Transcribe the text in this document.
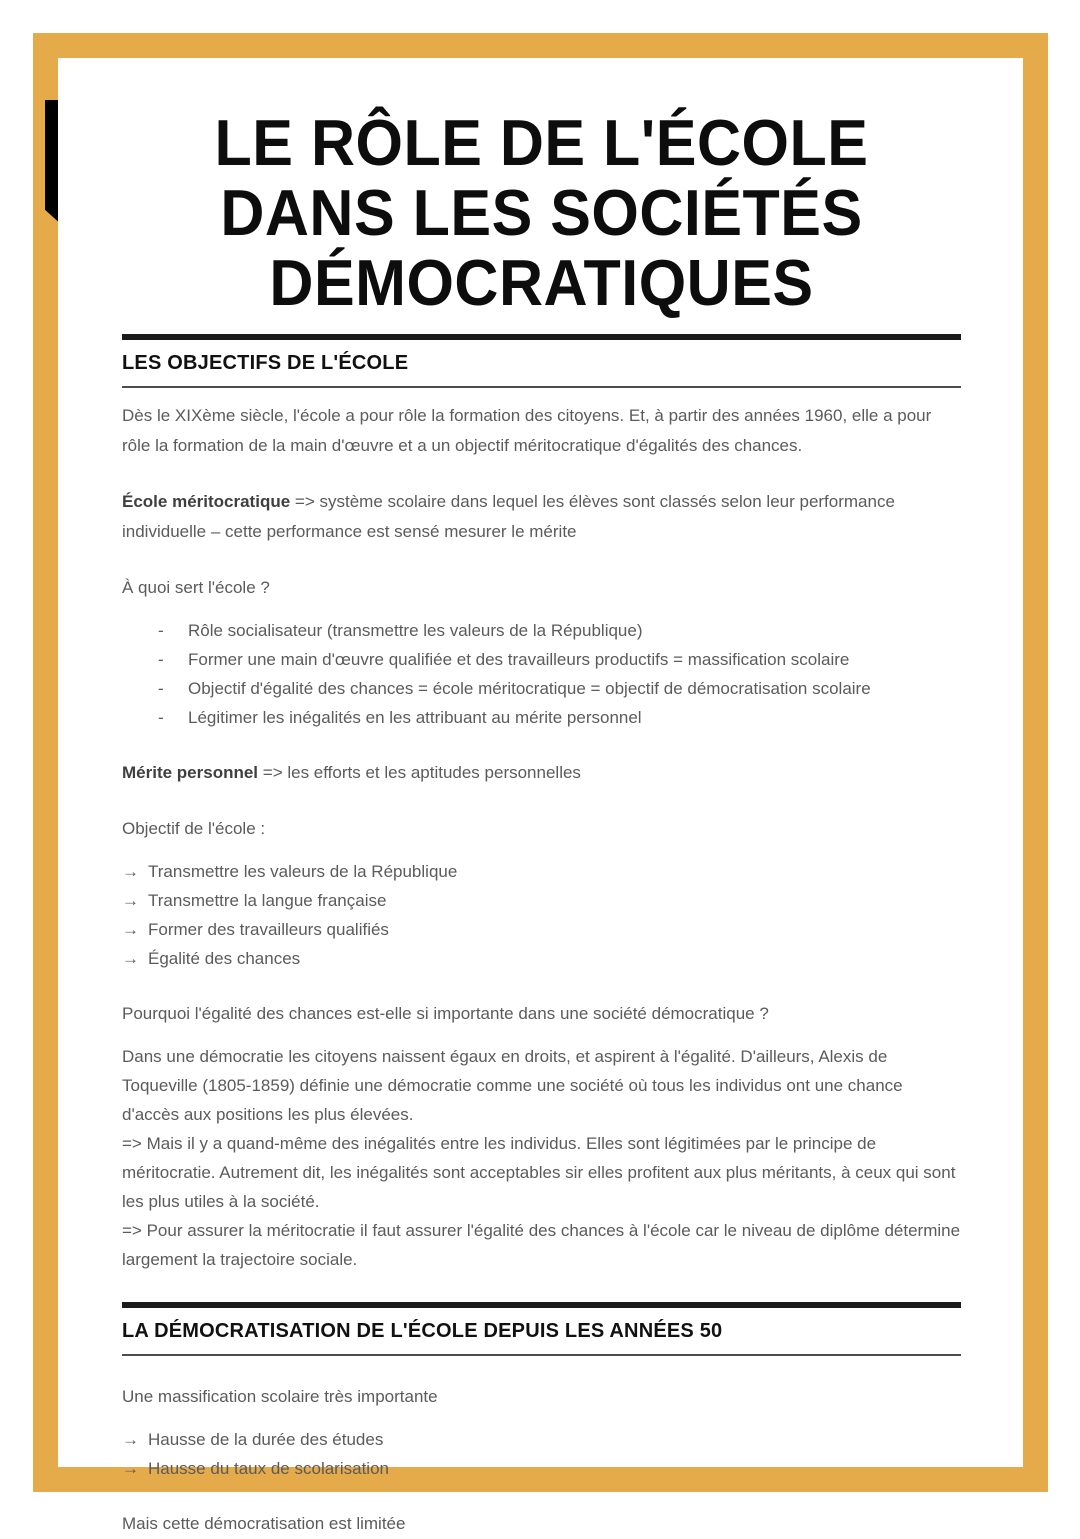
LE RÔLE DE L'ÉCOLE
DANS LES SOCIÉTÉS
DÉMOCRATIQUES
LES OBJECTIFS DE L'ÉCOLE

Dès le XIXème siècle, l'école a pour rôle la formation des citoyens. Et, à partir des années 1960, elle a pour rôle la formation de la main d'œuvre et a un objectif méritocratique d'égalités des chances.

École méritocratique => système scolaire dans lequel les élèves sont classés selon leur performance individuelle – cette performance est sensé mesurer le mérite

À quoi sert l'école ?

-	Rôle socialisateur (transmettre les valeurs de la République)
-	Former une main d'œuvre qualifiée et des travailleurs productifs = massification scolaire
-	Objectif d'égalité des chances = école méritocratique = objectif de démocratisation scolaire
-	Légitimer les inégalités en les attribuant au mérite personnel

Mérite personnel => les efforts et les aptitudes personnelles

Objectif de l'école :

→ Transmettre les valeurs de la République
→ Transmettre la langue française
→ Former des travailleurs qualifiés
→ Égalité des chances

Pourquoi l'égalité des chances est-elle si importante dans une société démocratique ?

Dans une démocratie les citoyens naissent égaux en droits, et aspirent à l'égalité. D'ailleurs, Alexis de Toqueville (1805-1859) définie une démocratie comme une société où tous les individus ont une chance d'accès aux positions les plus élevées.

=> Mais il y a quand-même des inégalités entre les individus. Elles sont légitimées par le principe de méritocratie. Autrement dit, les inégalités sont acceptables sir elles profitent aux plus méritants, à ceux qui sont les plus utiles à la société.

=> Pour assurer la méritocratie il faut assurer l'égalité des chances à l'école car le niveau de diplôme détermine largement la trajectoire sociale.

LA DÉMOCRATISATION DE L'ÉCOLE DEPUIS LES ANNÉES 50

Une massification scolaire très importante

→ Hausse de la durée des études
→ Hausse du taux de scolarisation

Mais cette démocratisation est limitée
